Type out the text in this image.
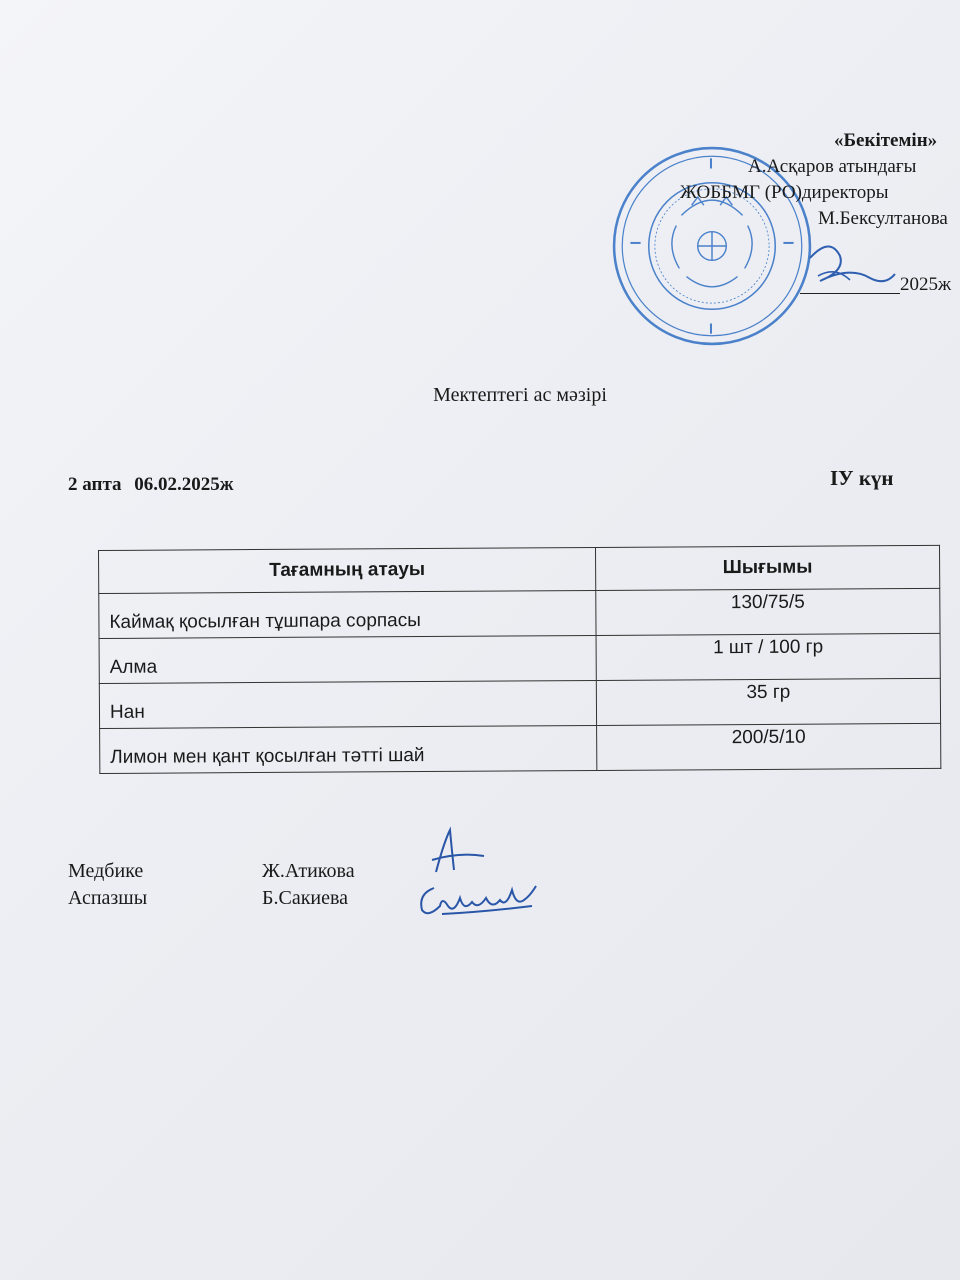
«Бекітемін»
А.Асқаров атындағы
ЖОББМГ (РО)директоры
М.Бексултанова
2025ж
Мектептегі ас мәзірі
2 апта 06.02.2025ж	ІУ күн
Тағамның атауы	Шығымы
Каймақ қосылған тұшпара сорпасы	130/75/5
Алма	1 шт / 100 гр
Нан	35 гр
Лимон мен қант қосылған тәтті шай	200/5/10
Медбике	Ж.Атикова
Аспазшы	Б.Сакиева
